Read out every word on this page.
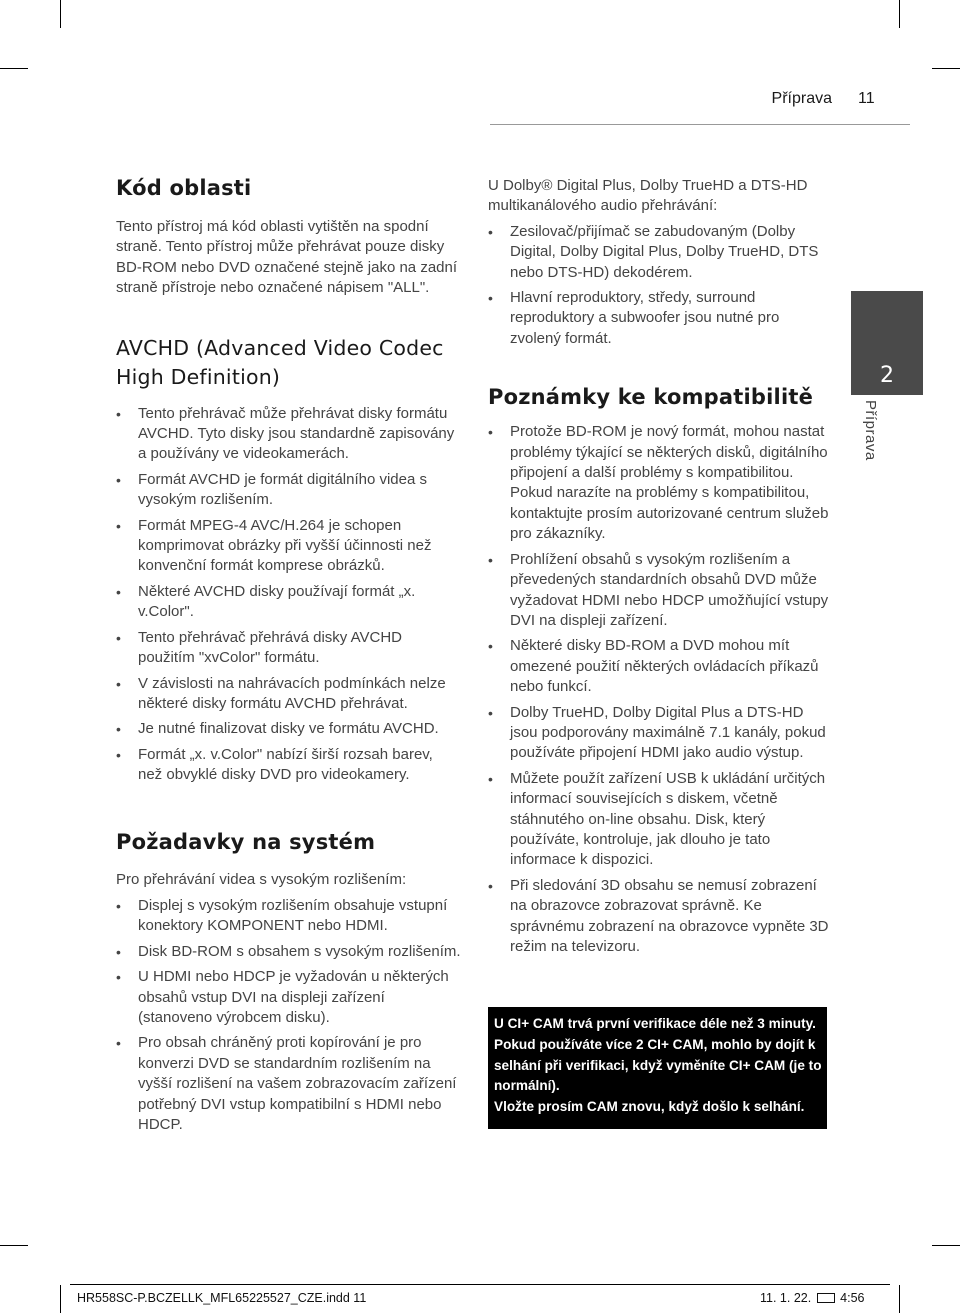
Příprava 11
Kód oblasti

Tento přístroj má kód oblasti vytištěn na spodní straně. Tento přístroj může přehrávat pouze disky BD-ROM nebo DVD označené stejně jako na zadní straně přístroje nebo označené nápisem "ALL".

AVCHD (Advanced Video Codec High Definition)
• Tento přehrávač může přehrávat disky formátu AVCHD. Tyto disky jsou standardně zapisovány a používány ve videokamerách.
• Formát AVCHD je formát digitálního videa s vysokým rozlišením.
• Formát MPEG-4 AVC/H.264 je schopen komprimovat obrázky při vyšší účinnosti než konvenční formát komprese obrázků.
• Některé AVCHD disky používají formát „x. v.Color".
• Tento přehrávač přehrává disky AVCHD použitím "xvColor" formátu.
• V závislosti na nahrávacích podmínkách nelze některé disky formátu AVCHD přehrávat.
• Je nutné finalizovat disky ve formátu AVCHD.
• Formát „x. v.Color" nabízí širší rozsah barev, než obvyklé disky DVD pro videokamery.
Požadavky na systém

Pro přehrávání videa s vysokým rozlišením:

• Displej s vysokým rozlišením obsahuje vstupní konektory KOMPONENT nebo HDMI.
• Disk BD-ROM s obsahem s vysokým rozlišením.
• U HDMI nebo HDCP je vyžadován u některých obsahů vstup DVI na displeji zařízení (stanoveno výrobcem disku).
• Pro obsah chráněný proti kopírování je pro konverzi DVD se standardním rozlišením na vyšší rozlišení na vašem zobrazovacím zařízení potřebný DVI vstup kompatibilní s HDMI nebo HDCP.

U Dolby® Digital Plus, Dolby TrueHD a DTS-HD multikanálového audio přehrávání:

• Zesilovač/přijímač se zabudovaným (Dolby Digital, Dolby Digital Plus, Dolby TrueHD, DTS nebo DTS-HD) dekodérem.
• Hlavní reproduktory, středy, surround reproduktory a subwoofer jsou nutné pro zvolený formát.
Poznámky ke kompatibilitě
• Protože BD-ROM je nový formát, mohou nastat problémy týkající se některých disků, digitálního připojení a další problémy s kompatibilitou. Pokud narazíte na problémy s kompatibilitou, kontaktujte prosím autorizované centrum služeb pro zákazníky.
• Prohlížení obsahů s vysokým rozlišením a převedených standardních obsahů DVD může vyžadovat HDMI nebo HDCP umožňující vstupy DVI na displeji zařízení.
• Některé disky BD-ROM a DVD mohou mít omezené použití některých ovládacích příkazů nebo funkcí.
• Dolby TrueHD, Dolby Digital Plus a DTS-HD jsou podporovány maximálně 7.1 kanály, pokud používáte připojení HDMI jako audio výstup.
• Můžete použít zařízení USB k ukládání určitých informací souvisejících s diskem, včetně stáhnutého on-line obsahu. Disk, který používáte, kontroluje, jak dlouho je tato informace k dispozici.
• Při sledování 3D obsahu se nemusí zobrazení na obrazovce zobrazovat správně. Ke správnému zobrazení na obrazovce vypněte 3D režim na televizoru.
U CI+ CAM trvá první verifikace déle než 3 minuty.
Pokud používáte více 2 CI+ CAM, mohlo by dojít k selhání při verifikaci, když vyměníte CI+ CAM (je to normální).
Vložte prosím CAM znovu, když došlo k selhání.
2
Příprava
HR558SC-P.BCZELLK_MFL65225527_CZE.indd 11	11. 1. 22. 4:56
